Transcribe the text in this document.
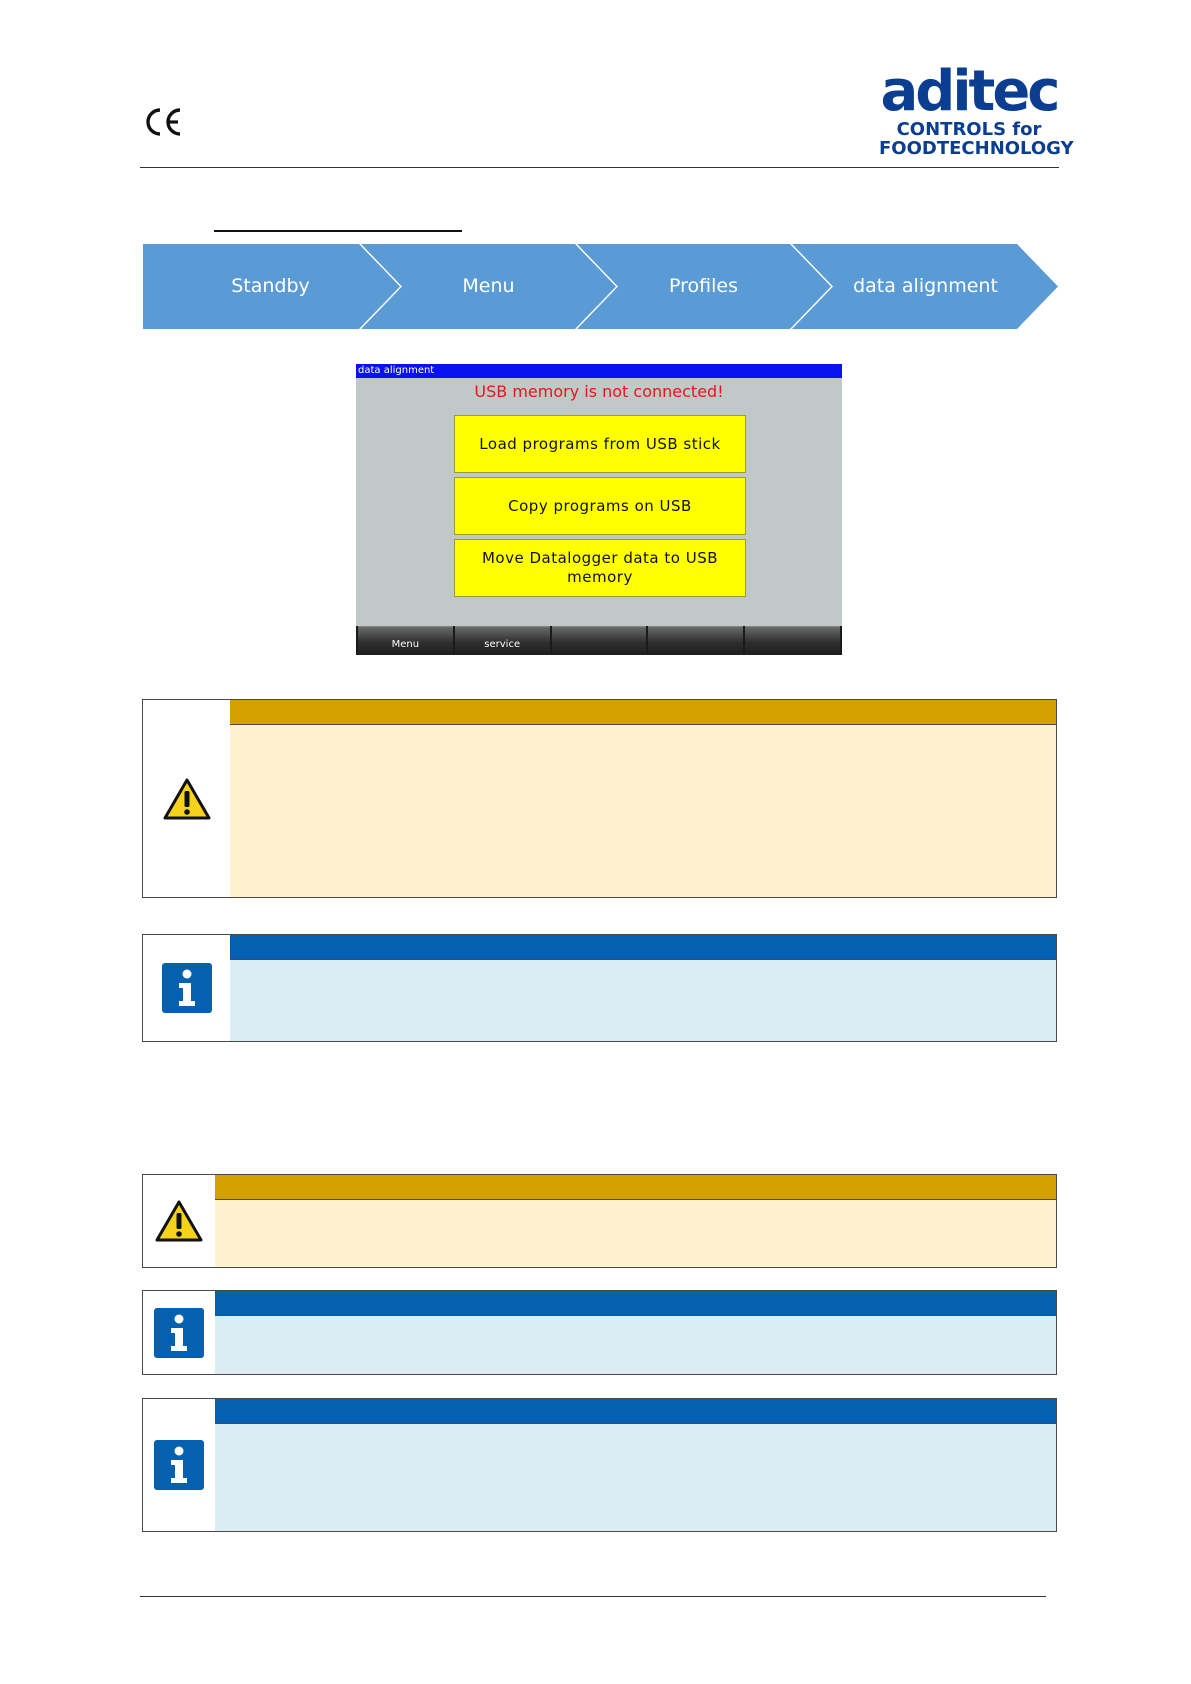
aditec
CONTROLS for
FOODTECHNOLOGY
Standby	Menu	Profiles	data alignment
data alignment
USB memory is not connected!
Load programs from USB stick
Copy programs on USB
Move Datalogger data to USB memory
Menu	service
